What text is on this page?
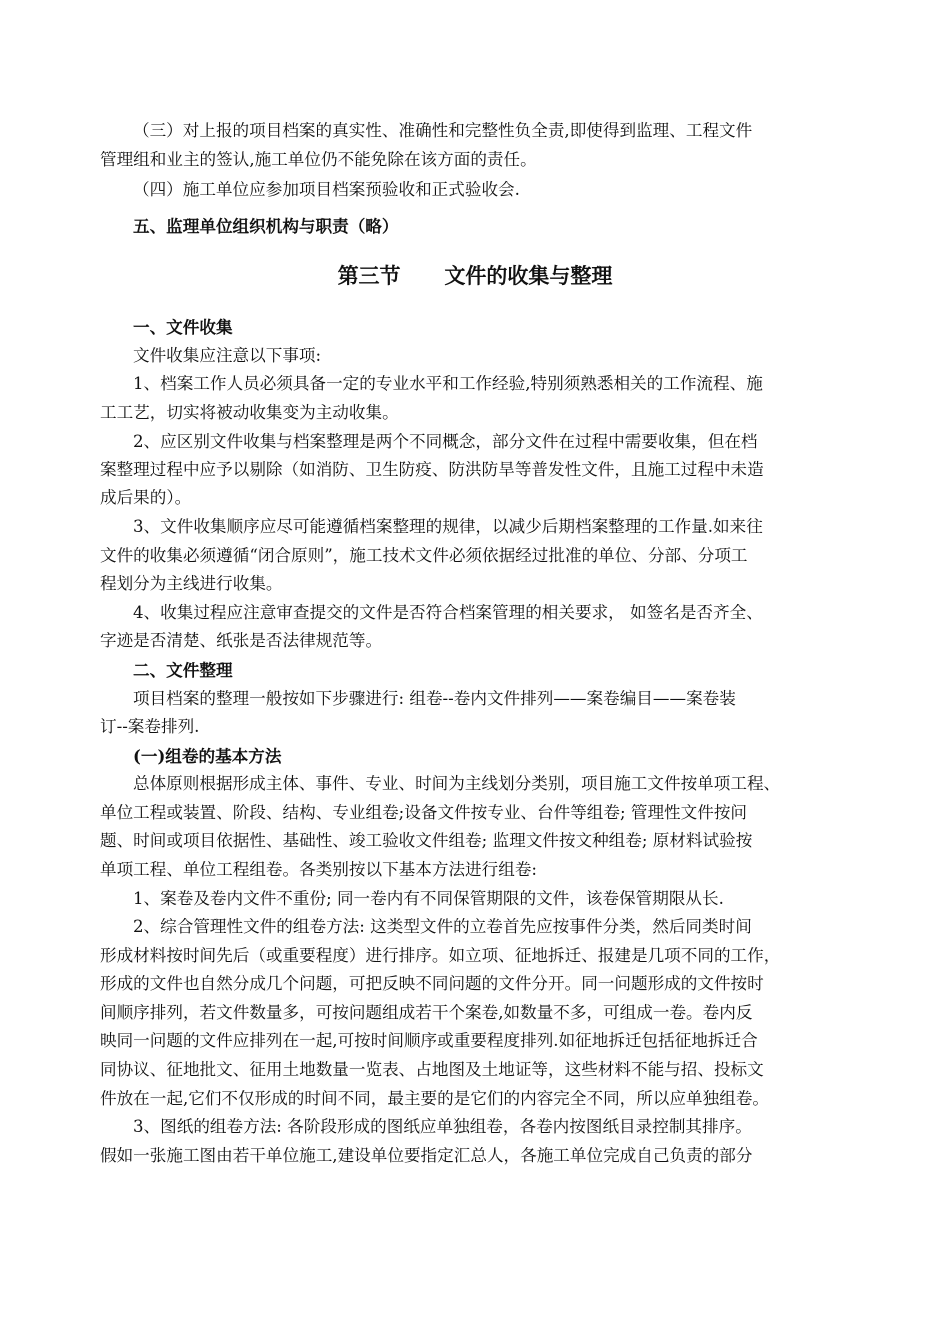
（三）对上报的项目档案的真实性、准确性和完整性负全责,即使得到监理、工程文件
管理组和业主的签认,施工单位仍不能免除在该方面的责任。
（四）施工单位应参加项目档案预验收和正式验收会.
五、监理单位组织机构与职责（略）
第三节      文件的收集与整理
一、文件收集
文件收集应注意以下事项:
1、档案工作人员必须具备一定的专业水平和工作经验,特别须熟悉相关的工作流程、施
工工艺，切实将被动收集变为主动收集。
2、应区别文件收集与档案整理是两个不同概念，部分文件在过程中需要收集，但在档
案整理过程中应予以剔除（如消防、卫生防疫、防洪防旱等普发性文件，且施工过程中未造
成后果的）。
3、文件收集顺序应尽可能遵循档案整理的规律，以减少后期档案整理的工作量.如来往
文件的收集必须遵循“闭合原则”，施工技术文件必须依据经过批准的单位、分部、分项工
程划分为主线进行收集。
4、收集过程应注意审查提交的文件是否符合档案管理的相关要求， 如签名是否齐全、
字迹是否清楚、纸张是否法律规范等。
二、文件整理
项目档案的整理一般按如下步骤进行: 组卷--卷内文件排列——案卷编目——案卷装
订--案卷排列.
(一)组卷的基本方法
总体原则根据形成主体、事件、专业、时间为主线划分类别，项目施工文件按单项工程、
单位工程或装置、阶段、结构、专业组卷;设备文件按专业、台件等组卷; 管理性文件按问
题、时间或项目依据性、基础性、竣工验收文件组卷; 监理文件按文种组卷; 原材料试验按
单项工程、单位工程组卷。各类别按以下基本方法进行组卷:
1、案卷及卷内文件不重份; 同一卷内有不同保管期限的文件，该卷保管期限从长.
2、综合管理性文件的组卷方法: 这类型文件的立卷首先应按事件分类，然后同类时间
形成材料按时间先后（或重要程度）进行排序。如立项、征地拆迁、报建是几项不同的工作，
形成的文件也自然分成几个问题，可把反映不同问题的文件分开。同一问题形成的文件按时
间顺序排列，若文件数量多，可按问题组成若干个案卷,如数量不多，可组成一卷。卷内反
映同一问题的文件应排列在一起,可按时间顺序或重要程度排列.如征地拆迁包括征地拆迁合
同协议、征地批文、征用土地数量一览表、占地图及土地证等，这些材料不能与招、投标文
件放在一起,它们不仅形成的时间不同，最主要的是它们的内容完全不同，所以应单独组卷。
3、图纸的组卷方法: 各阶段形成的图纸应单独组卷，各卷内按图纸目录控制其排序。
假如一张施工图由若干单位施工,建设单位要指定汇总人，各施工单位完成自己负责的部分
